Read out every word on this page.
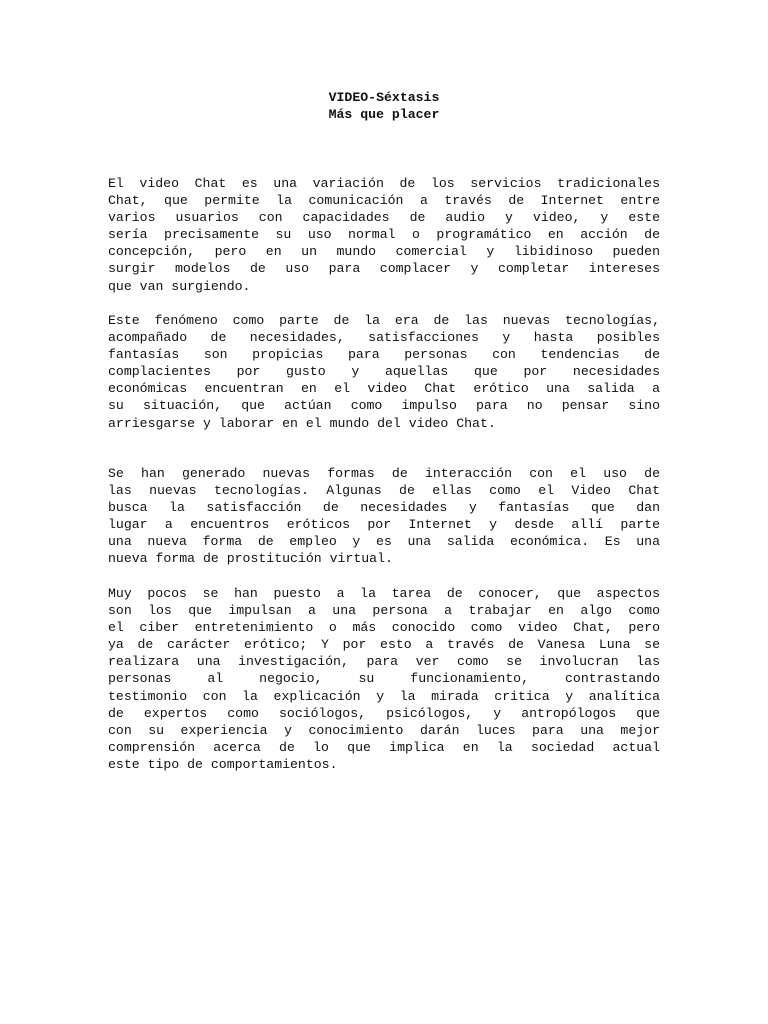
VIDEO-Séxtasis
Más que placer

El video Chat es una variación de los servicios tradicionales
Chat, que permite la comunicación a través de Internet entre
varios usuarios con capacidades de audio y video, y este
sería precisamente su uso normal o programático en acción de
concepción, pero en un mundo comercial y libidinoso pueden
surgir modelos de uso para complacer y completar intereses
que van surgiendo.

Este fenómeno como parte de la era de las nuevas tecnologías,
acompañado de necesidades, satisfacciones y hasta posibles
fantasías son propicias para personas con tendencias de
complacientes por gusto y aquellas que por necesidades
económicas encuentran en el video Chat erótico una salida a
su situación, que actúan como impulso para no pensar sino
arriesgarse y laborar en el mundo del video Chat.

Se han generado nuevas formas de interacción con el uso de
las nuevas tecnologías. Algunas de ellas como el Video Chat
busca la satisfacción de necesidades y fantasías que dan
lugar a encuentros eróticos por Internet y desde allí parte
una nueva forma de empleo y es una salida económica. Es una
nueva forma de prostitución virtual.

Muy pocos se han puesto a la tarea de conocer, que aspectos
son los que impulsan a una persona a trabajar en algo como
el ciber entretenimiento o más conocido como video Chat, pero
ya de carácter erótico; Y por esto a través de Vanesa Luna se
realizara una investigación, para ver como se involucran las
personas al negocio, su funcionamiento, contrastando
testimonio con la explicación y la mirada critica y analítica
de expertos como sociólogos, psicólogos, y antropólogos que
con su experiencia y conocimiento darán luces para una mejor
comprensión acerca de lo que implica en la sociedad actual
este tipo de comportamientos.
